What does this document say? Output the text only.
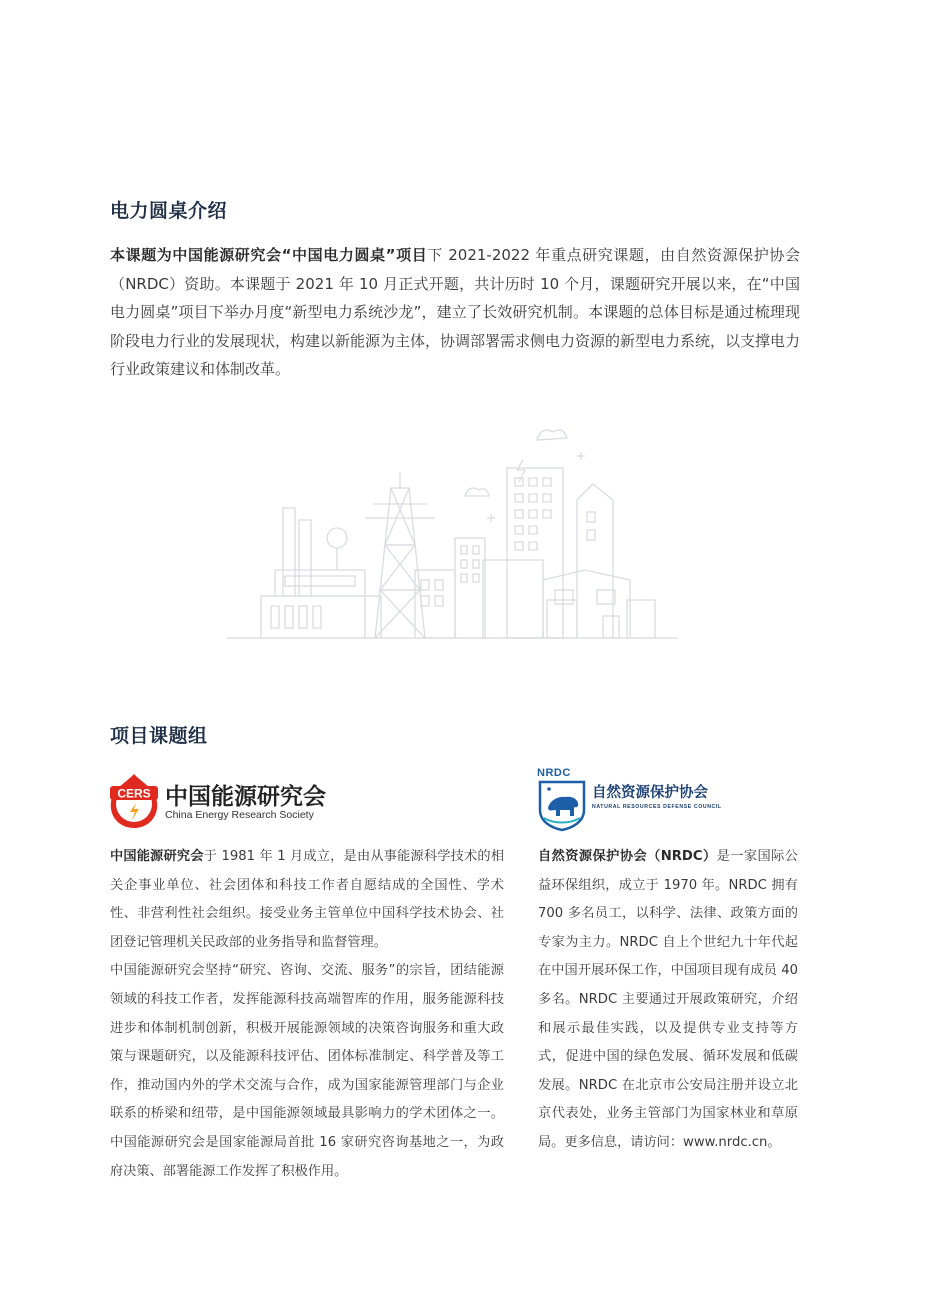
电力圆桌介绍

本课题为中国能源研究会“中国电力圆桌”项目下 2021-2022 年重点研究课题，由自然资源保护协会（NRDC）资助。本课题于 2021 年 10 月正式开题，共计历时 10 个月，课题研究开展以来，在“中国电力圆桌”项目下举办月度“新型电力系统沙龙”，建立了长效研究机制。本课题的总体目标是通过梳理现阶段电力行业的发展现状，构建以新能源为主体，协调部署需求侧电力资源的新型电力系统，以支撑电力行业政策建议和体制改革。

项目课题组
CERS 中国能源研究会
China Energy Research Society
NRDC
自然资源保护协会
NATURAL RESOURCES DEFENSE COUNCIL

中国能源研究会于 1981 年 1 月成立，是由从事能源科学技术的相关企事业单位、社会团体和科技工作者自愿结成的全国性、学术性、非营利性社会组织。接受业务主管单位中国科学技术协会、社团登记管理机关民政部的业务指导和监督管理。

中国能源研究会坚持“研究、咨询、交流、服务”的宗旨，团结能源领域的科技工作者，发挥能源科技高端智库的作用，服务能源科技进步和体制机制创新，积极开展能源领域的决策咨询服务和重大政策与课题研究，以及能源科技评估、团体标准制定、科学普及等工作，推动国内外的学术交流与合作，成为国家能源管理部门与企业联系的桥梁和纽带，是中国能源领域最具影响力的学术团体之一。中国能源研究会是国家能源局首批 16 家研究咨询基地之一，为政府决策、部署能源工作发挥了积极作用。

自然资源保护协会（NRDC）是一家国际公益环保组织，成立于 1970 年。NRDC 拥有 700 多名员工，以科学、法律、政策方面的专家为主力。NRDC 自上个世纪九十年代起在中国开展环保工作，中国项目现有成员 40 多名。NRDC 主要通过开展政策研究，介绍和展示最佳实践，以及提供专业支持等方式，促进中国的绿色发展、循环发展和低碳发展。NRDC 在北京市公安局注册并设立北京代表处，业务主管部门为国家林业和草原局。更多信息，请访问：www.nrdc.cn。
